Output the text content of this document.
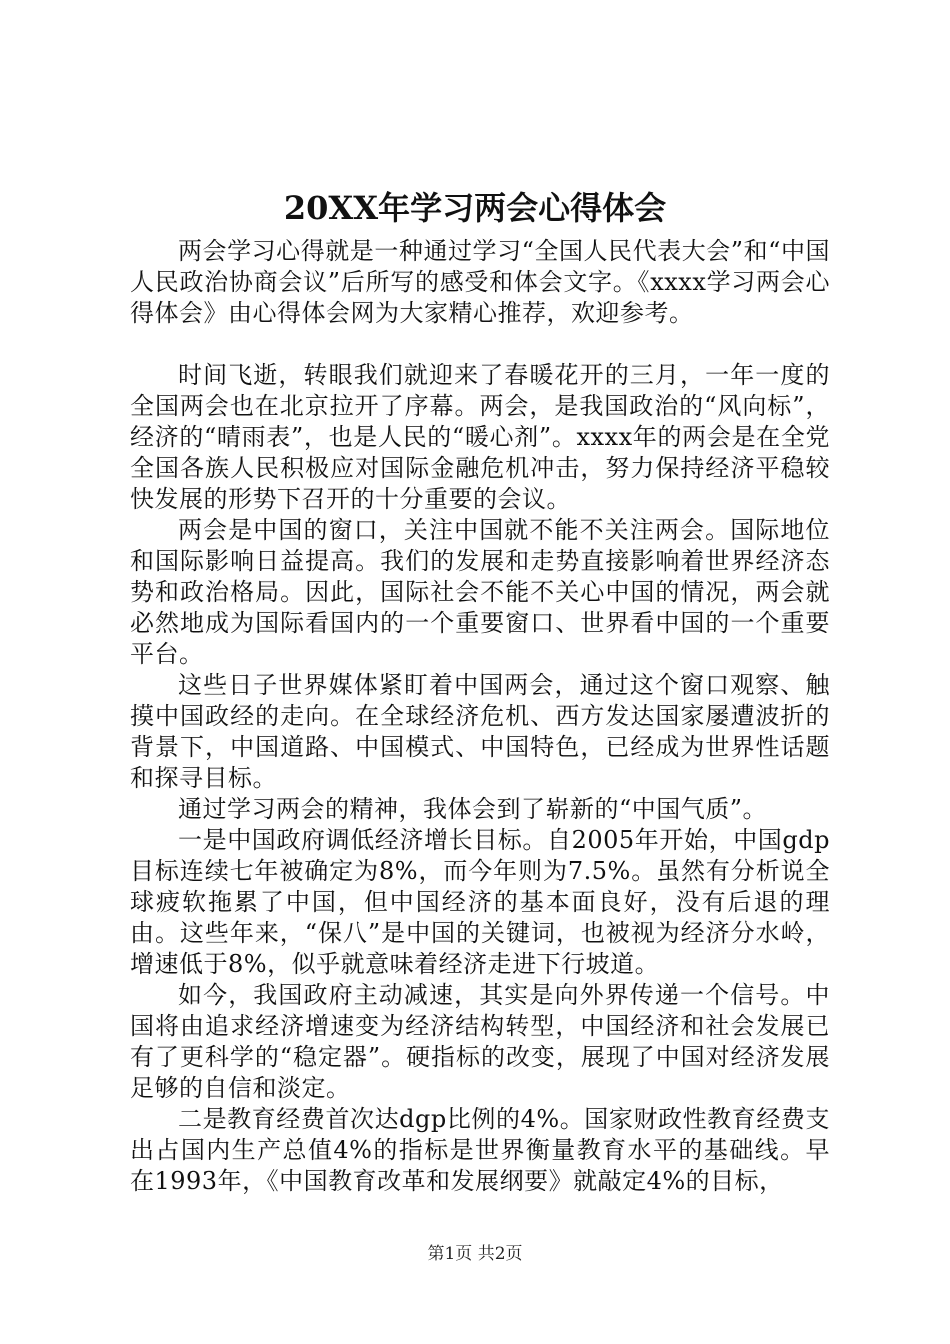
20XX年学习两会心得体会

两会学习心得就是一种通过学习“全国人民代表大会”和“中国人民政治协商会议”后所写的感受和体会文字。《xxxx学习两会心得体会》由心得体会网为大家精心推荐，欢迎参考。

时间飞逝，转眼我们就迎来了春暖花开的三月，一年一度的全国两会也在北京拉开了序幕。两会，是我国政治的“风向标”，经济的“晴雨表”，也是人民的“暖心剂”。xxxx年的两会是在全党全国各族人民积极应对国际金融危机冲击，努力保持经济平稳较快发展的形势下召开的十分重要的会议。

两会是中国的窗口，关注中国就不能不关注两会。国际地位和国际影响日益提高。我们的发展和走势直接影响着世界经济态势和政治格局。因此，国际社会不能不关心中国的情况，两会就必然地成为国际看国内的一个重要窗口、世界看中国的一个重要平台。

这些日子世界媒体紧盯着中国两会，通过这个窗口观察、触摸中国政经的走向。在全球经济危机、西方发达国家屡遭波折的背景下，中国道路、中国模式、中国特色，已经成为世界性话题和探寻目标。

通过学习两会的精神，我体会到了崭新的“中国气质”。

一是中国政府调低经济增长目标。自2005年开始，中国gdp目标连续七年被确定为8%，而今年则为7.5%。虽然有分析说全球疲软拖累了中国，但中国经济的基本面良好，没有后退的理由。这些年来，“保八”是中国的关键词，也被视为经济分水岭，增速低于8%，似乎就意味着经济走进下行坡道。

如今，我国政府主动减速，其实是向外界传递一个信号。中国将由追求经济增速变为经济结构转型，中国经济和社会发展已有了更科学的“稳定器”。硬指标的改变，展现了中国对经济发展足够的自信和淡定。

二是教育经费首次达dgp比例的4%。国家财政性教育经费支出占国内生产总值4%的指标是世界衡量教育水平的基础线。早在1993年，《中国教育改革和发展纲要》就敲定4%的目标，

第1页 共2页
